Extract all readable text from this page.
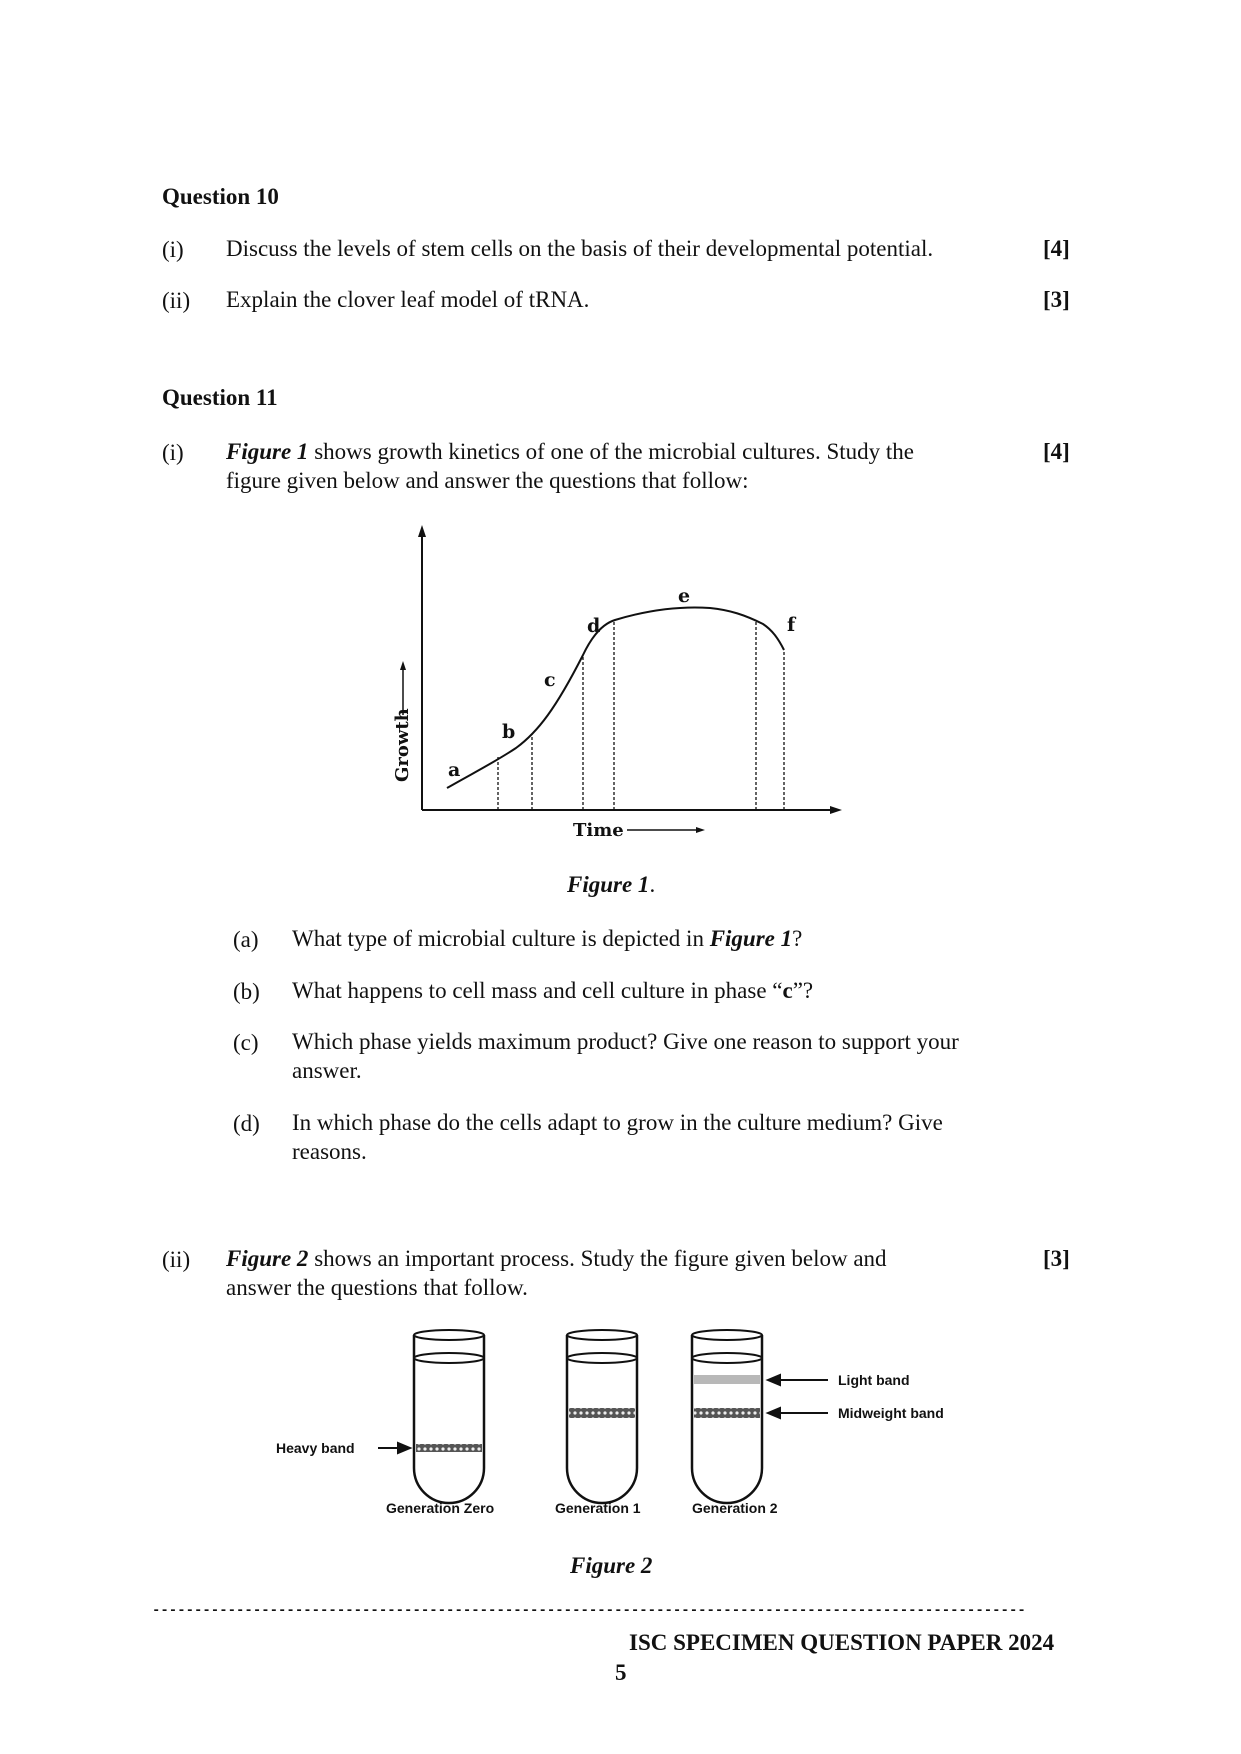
Question 10
(i) Discuss the levels of stem cells on the basis of their developmental potential.	[4]
(ii) Explain the clover leaf model of tRNA.	[3]
Question 11
(i) Figure 1 shows growth kinetics of one of the microbial cultures. Study the
figure given below and answer the questions that follow:
[4]
a
b
c
d
e
f
Growth
Time
Figure 1.
(a) What type of microbial culture is depicted in Figure 1?
(b) What happens to cell mass and cell culture in phase “c”?
(c) Which phase yields maximum product? Give one reason to support your
answer.
(d) In which phase do the cells adapt to grow in the culture medium? Give
reasons.
(ii) Figure 2 shows an important process. Study the figure given below and
answer the questions that follow.
[3]
Heavy band
Light band
Midweight band
Generation Zero	Generation 1	Generation 2
Figure 2
--------------------------------------------------------------------------------------------------------
ISC SPECIMEN QUESTION PAPER 2024
5
